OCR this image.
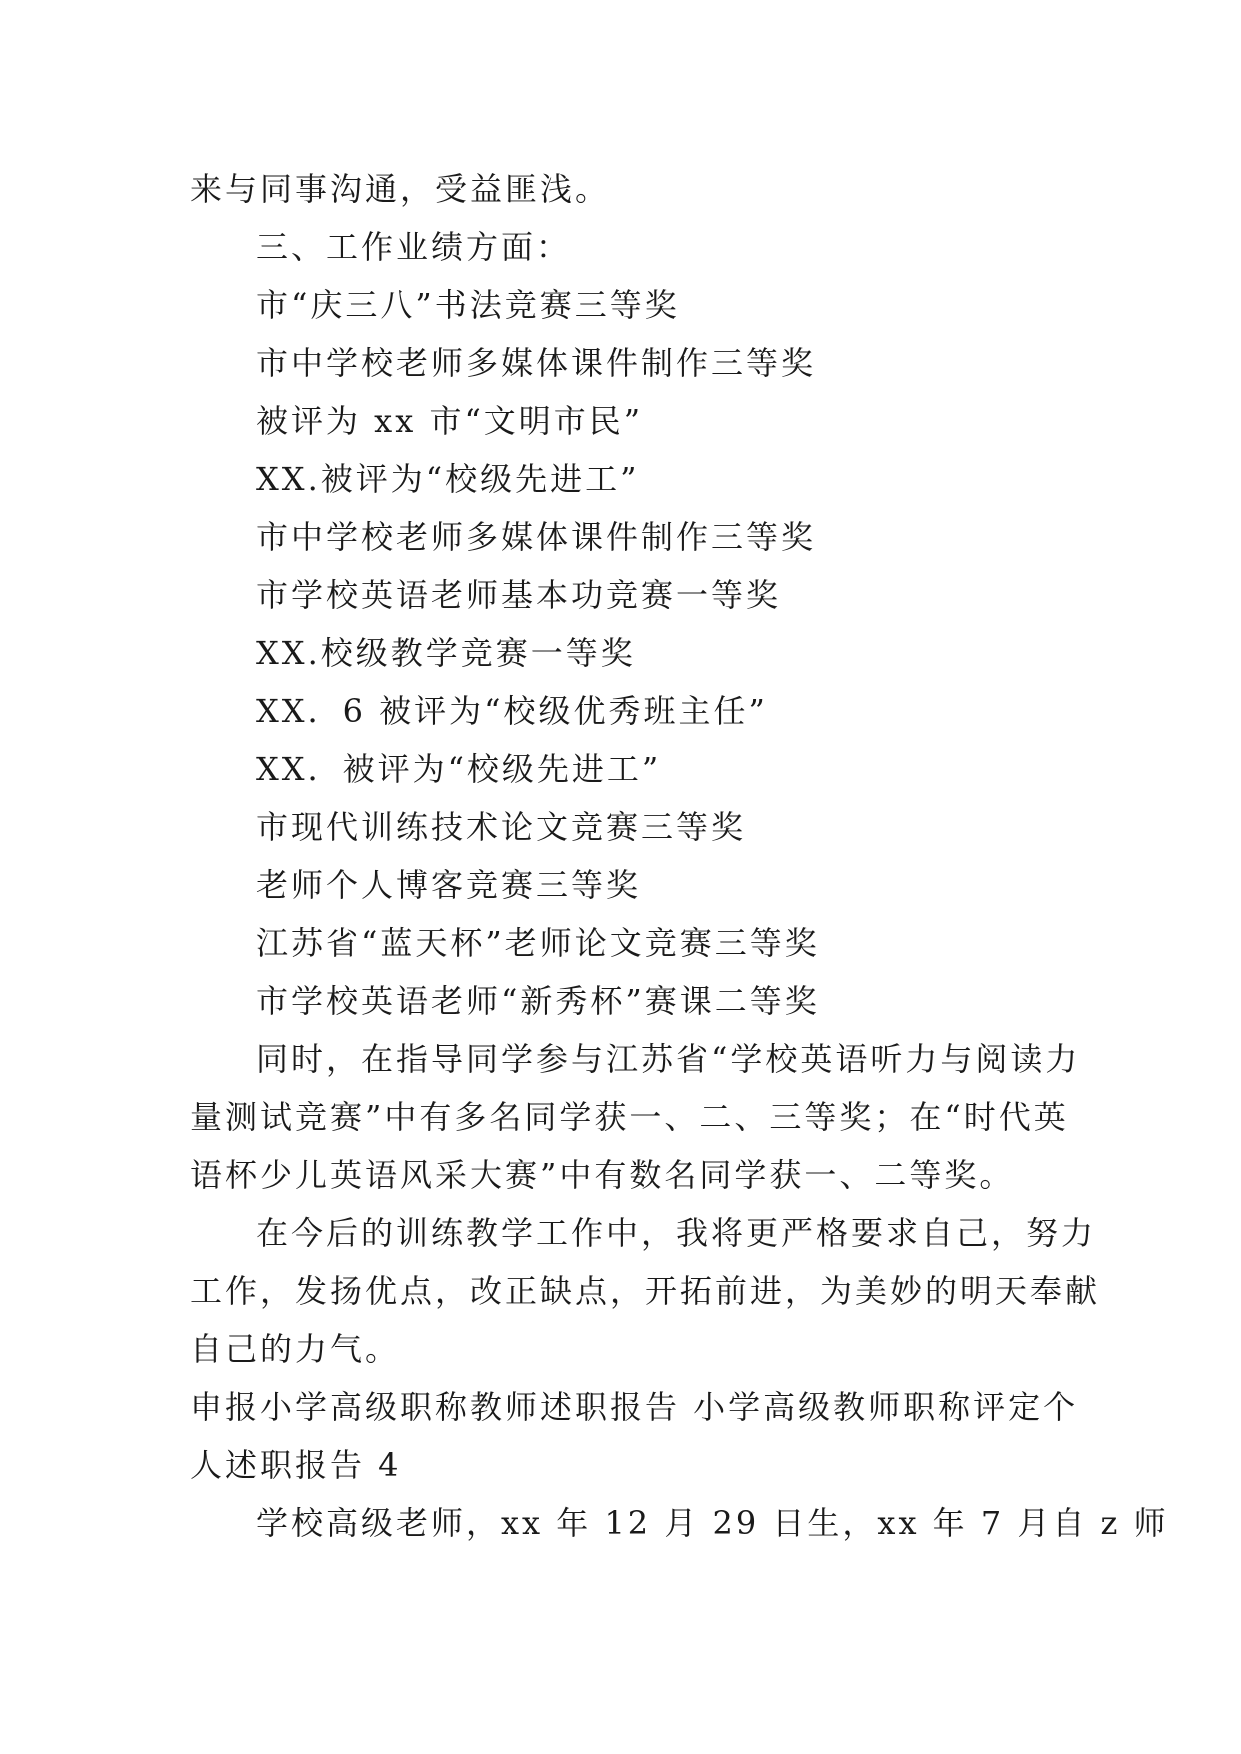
来与同事沟通，受益匪浅。
三、工作业绩方面：
市“庆三八”书法竞赛三等奖
市中学校老师多媒体课件制作三等奖
被评为 xx 市“文明市民”
XX.被评为“校级先进工”
市中学校老师多媒体课件制作三等奖
市学校英语老师基本功竞赛一等奖
XX.校级教学竞赛一等奖
XX．6 被评为“校级优秀班主任”
XX．被评为“校级先进工”
市现代训练技术论文竞赛三等奖
老师个人博客竞赛三等奖
江苏省“蓝天杯”老师论文竞赛三等奖
市学校英语老师“新秀杯”赛课二等奖
同时，在指导同学参与江苏省“学校英语听力与阅读力
量测试竞赛”中有多名同学获一、二、三等奖；在“时代英
语杯少儿英语风采大赛”中有数名同学获一、二等奖。
在今后的训练教学工作中，我将更严格要求自己，努力
工作，发扬优点，改正缺点，开拓前进，为美妙的明天奉献
自己的力气。
申报小学高级职称教师述职报告 小学高级教师职称评定个
人述职报告 4
学校高级老师，xx 年 12 月 29 日生，xx 年 7 月自 z 师
